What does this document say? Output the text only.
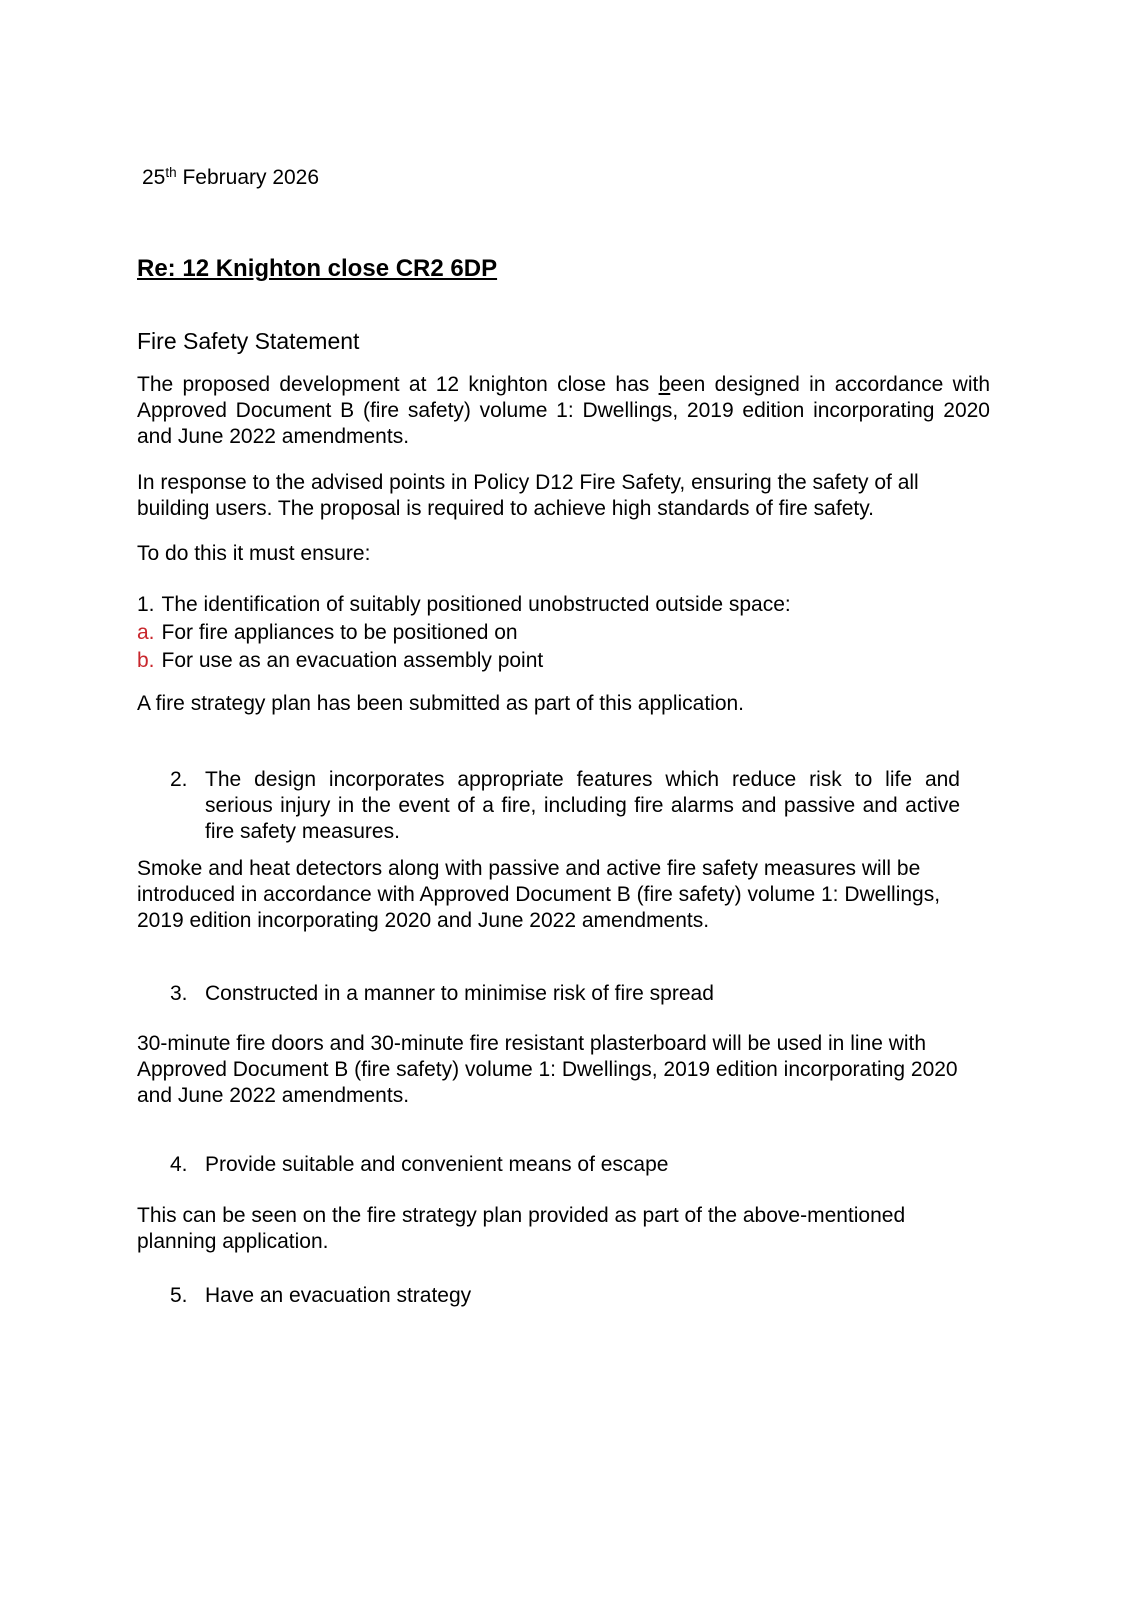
25th February 2026

Re: 12 Knighton close CR2 6DP

Fire Safety Statement

The proposed development at 12 knighton close has been designed in accordance with Approved Document B (fire safety) volume 1: Dwellings, 2019 edition incorporating 2020 and June 2022 amendments.

In response to the advised points in Policy D12 Fire Safety, ensuring the safety of all building users. The proposal is required to achieve high standards of fire safety.

To do this it must ensure:

1. The identification of suitably positioned unobstructed outside space:

a. For fire appliances to be positioned on

b. For use as an evacuation assembly point

A fire strategy plan has been submitted as part of this application.

2. The design incorporates appropriate features which reduce risk to life and serious injury in the event of a fire, including fire alarms and passive and active fire safety measures.

Smoke and heat detectors along with passive and active fire safety measures will be introduced in accordance with Approved Document B (fire safety) volume 1: Dwellings, 2019 edition incorporating 2020 and June 2022 amendments.

3. Constructed in a manner to minimise risk of fire spread

30-minute fire doors and 30-minute fire resistant plasterboard will be used in line with Approved Document B (fire safety) volume 1: Dwellings, 2019 edition incorporating 2020 and June 2022 amendments.

4. Provide suitable and convenient means of escape

This can be seen on the fire strategy plan provided as part of the above-mentioned planning application.

5. Have an evacuation strategy
